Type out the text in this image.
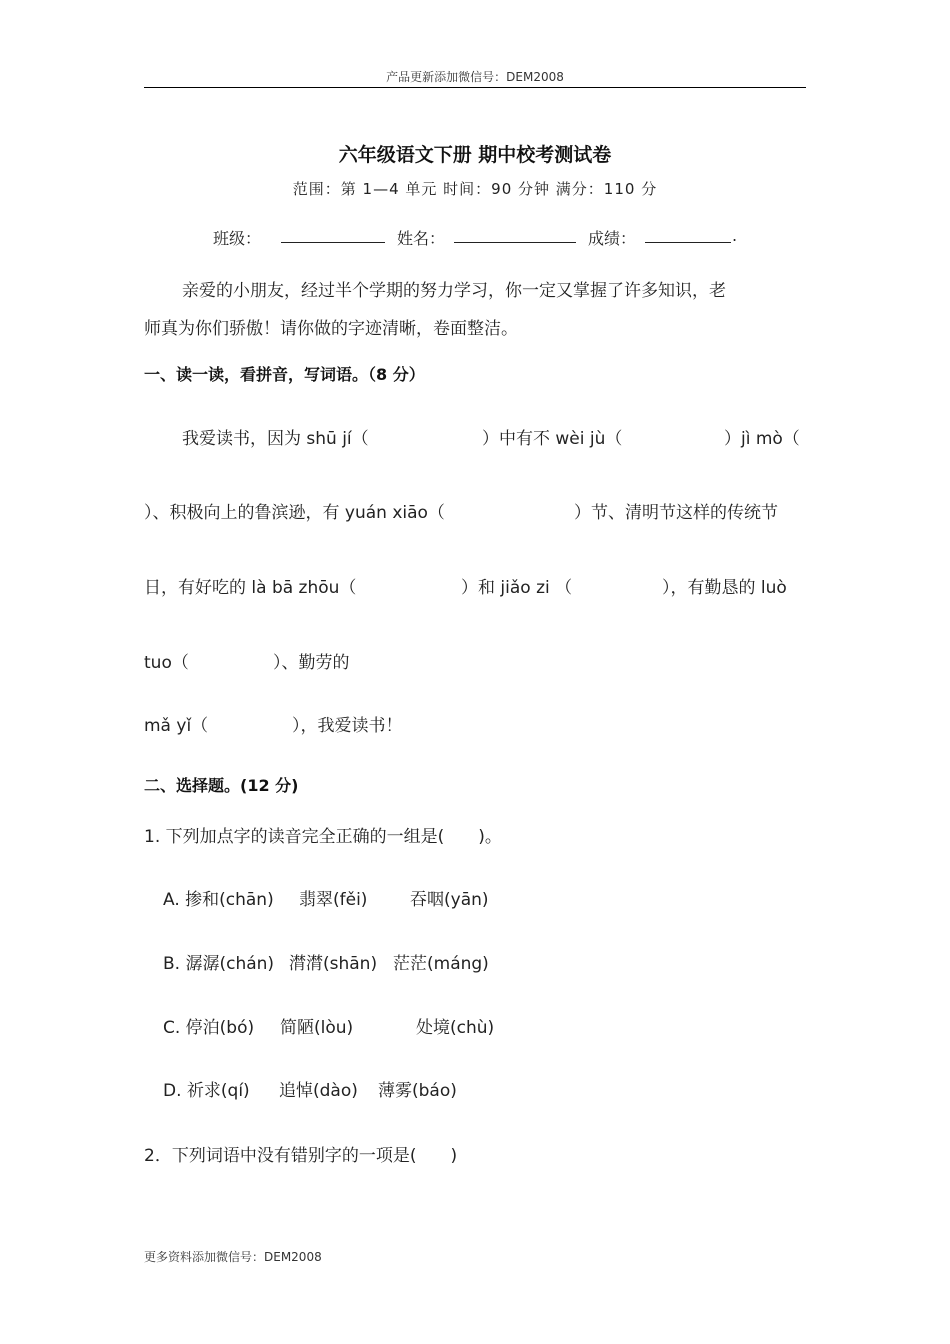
产品更新添加微信号：DEM2008
六年级语文下册 期中校考测试卷
范围：第 1—4 单元 时间：90 分钟 满分：110 分
班级：	姓名：	成绩：	.
亲爱的小朋友，经过半个学期的努力学习，你一定又掌握了许多知识，老
师真为你们骄傲！请你做的字迹清晰，卷面整洁。
一、读一读，看拼音，写词语。（8 分）
我爱读书，因为 shū jí（	）中有不 wèi jù（	）jì mò（
）、积极向上的鲁滨逊，有 yuán xiāo（	）节、清明节这样的传统节
日，有好吃的 là bā zhōu（	）和 jiǎo zi （	），有勤恳的 luò
tuo（	）、勤劳的
mǎ yǐ（	），我爱读书！
二、选择题。(12 分)
1. 下列加点字的读音完全正确的一组是(　　)。
A. 掺和(chān) 翡翠(fěi)	吞咽(yān)
B. 潺潺(chán) 潸潸(shān) 茫茫(máng)
C. 停泊(bó) 简陋(lòu)	处境(chù)
D. 祈求(qí) 追悼(dào) 薄雾(báo)
2．下列词语中没有错别字的一项是(　　)
更多资料添加微信号：DEM2008
